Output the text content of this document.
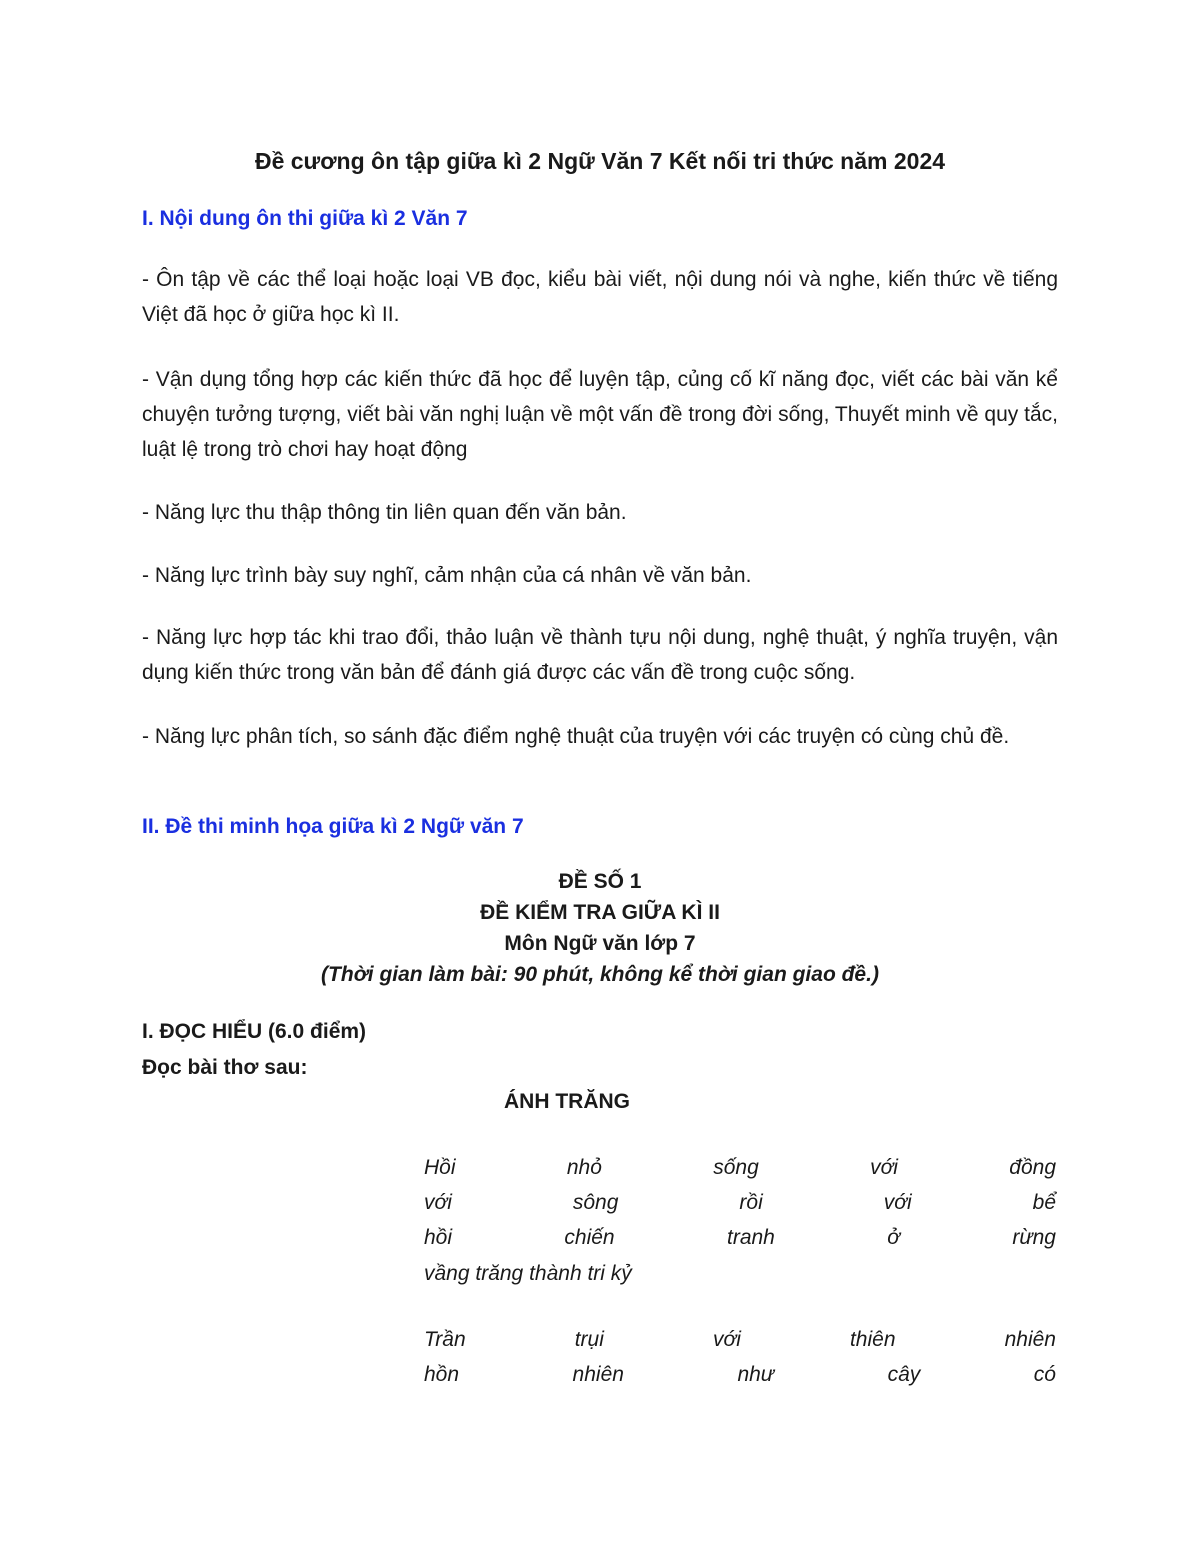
Đề cương ôn tập giữa kì 2 Ngữ Văn 7 Kết nối tri thức năm 2024
I. Nội dung ôn thi giữa kì 2 Văn 7
- Ôn tập về các thể loại hoặc loại VB đọc, kiểu bài viết, nội dung nói và nghe, kiến thức về tiếng Việt đã học ở giữa học kì II.
- Vận dụng tổng hợp các kiến thức đã học để luyện tập, củng cố kĩ năng đọc, viết các bài văn kể chuyện tưởng tượng, viết bài văn nghị luận về một vấn đề trong đời sống, Thuyết minh về quy tắc, luật lệ trong trò chơi hay hoạt động
- Năng lực thu thập thông tin liên quan đến văn bản.
- Năng lực trình bày suy nghĩ, cảm nhận của cá nhân về văn bản.
- Năng lực hợp tác khi trao đổi, thảo luận về thành tựu nội dung, nghệ thuật, ý nghĩa truyện, vận dụng kiến thức trong văn bản để đánh giá được các vấn đề trong cuộc sống.
- Năng lực phân tích, so sánh đặc điểm nghệ thuật của truyện với các truyện có cùng chủ đề.
II. Đề thi minh họa giữa kì 2 Ngữ văn 7
ĐỀ SỐ 1
ĐỀ KIỂM TRA GIỮA KÌ II
Môn Ngữ văn lớp 7
(Thời gian làm bài: 90 phút, không kể thời gian giao đề.)
I. ĐỌC HIỂU (6.0 điểm)
Đọc bài thơ sau:
ÁNH TRĂNG
Hồi nhỏ sống với đồng
với sông rồi với bể
hồi chiến tranh ở rừng
vầng trăng thành tri kỷ
Trần trụi với thiên nhiên
hồn nhiên như cây có
